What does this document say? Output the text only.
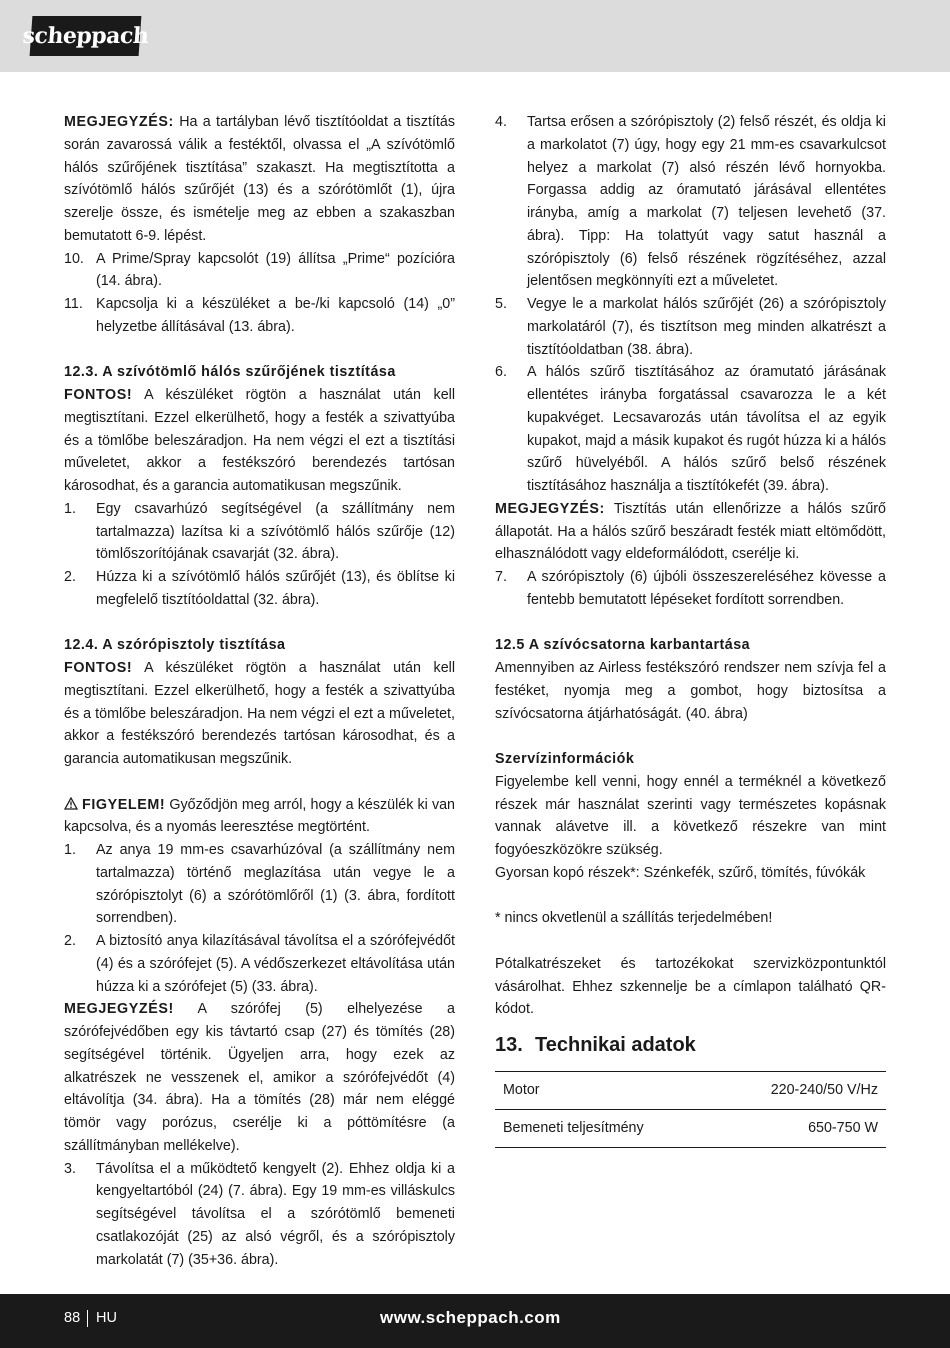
scheppach

MEGJEGYZÉS: Ha a tartályban lévő tisztítóoldat a tisztítás során zavarossá válik a festéktől, olvassa el „A szívótömlő hálós szűrőjének tisztítása” szakaszt. Ha megtisztította a szívótömlő hálós szűrőjét (13) és a szórótömlőt (1), újra szerelje össze, és ismételje meg az ebben a szakaszban bemutatott 6-9. lépést.

10. A Prime/Spray kapcsolót (19) állítsa „Prime“ pozícióra (14. ábra).
11. Kapcsolja ki a készüléket a be-/ki kapcsoló (14) „0” helyzetbe állításával (13. ábra).

12.3. A szívótömlő hálós szűrőjének tisztítása

FONTOS! A készüléket rögtön a használat után kell megtisztítani. Ezzel elkerülhető, hogy a festék a szivattyúba és a tömlőbe beleszáradjon. Ha nem végzi el ezt a tisztítási műveletet, akkor a festékszóró berendezés tartósan károsodhat, és a garancia automatikusan megszűnik.

1.	Egy csavarhúzó segítségével (a szállítmány nem tartalmazza) lazítsa ki a szívótömlő hálós szűrője (12) tömlőszorítójának csavarját (32. ábra).
2.	Húzza ki a szívótömlő hálós szűrőjét (13), és öblítse ki megfelelő tisztítóoldattal (32. ábra).

12.4. A szórópisztoly tisztítása

FONTOS! A készüléket rögtön a használat után kell megtisztítani. Ezzel elkerülhető, hogy a festék a szivattyúba és a tömlőbe beleszáradjon. Ha nem végzi el ezt a műveletet, akkor a festékszóró berendezés tartósan károsodhat, és a garancia automatikusan megszűnik.

FIGYELEM! Győződjön meg arról, hogy a készülék ki van kapcsolva, és a nyomás leeresztése megtörtént.

1.	Az anya 19 mm-es csavarhúzóval (a szállítmány nem tartalmazza) történő meglazítása után vegye le a szórópisztolyt (6) a szórótömlőről (1) (3. ábra, fordított sorrendben).
2.	A biztosító anya kilazításával távolítsa el a szórófejvédőt (4) és a szórófejet (5). A védőszerkezet eltávolítása után húzza ki a szórófejet (5) (33. ábra).

MEGJEGYZÉS! A szórófej (5) elhelyezése a szórófejvédőben egy kis távtartó csap (27) és tömítés (28) segítségével történik. Ügyeljen arra, hogy ezek az alkatrészek ne vesszenek el, amikor a szórófejvédőt (4) eltávolítja (34. ábra). Ha a tömítés (28) már nem eléggé tömör vagy porózus, cserélje ki a póttömítésre (a szállítmányban mellékelve).

3.	Távolítsa el a működtető kengyelt (2). Ehhez oldja ki a kengyeltartóból (24) (7. ábra). Egy 19 mm-es villáskulcs segítségével távolítsa el a szórótömlő bemeneti csatlakozóját (25) az alsó végről, és a szórópisztoly markolatát (7) (35+36. ábra).
4.	Tartsa erősen a szórópisztoly (2) felső részét, és oldja ki a markolatot (7) úgy, hogy egy 21 mm-es csavarkulcsot helyez a markolat (7) alsó részén lévő hornyokba. Forgassa addig az óramutató járásával ellentétes irányba, amíg a markolat (7) teljesen levehető (37. ábra). Tipp: Ha tolattyút vagy satut használ a szórópisztoly (6) felső részének rögzítéséhez, azzal jelentősen megkönnyíti ezt a műveletet.
5.	Vegye le a markolat hálós szűrőjét (26) a szórópisztoly markolatáról (7), és tisztítson meg minden alkatrészt a tisztítóoldatban (38. ábra).
6.	A hálós szűrő tisztításához az óramutató járásának ellentétes irányba forgatással csavarozza le a két kupakvéget. Lecsavarozás után távolítsa el az egyik kupakot, majd a másik kupakot és rugót húzza ki a hálós szűrő hüvelyéből. A hálós szűrő belső részének tisztításához használja a tisztítókefét (39. ábra).

MEGJEGYZÉS: Tisztítás után ellenőrizze a hálós szűrő állapotát. Ha a hálós szűrő beszáradt festék miatt eltömődött, elhasználódott vagy eldeformálódott, cserélje ki.

7.	A szórópisztoly (6) újbóli összeszereléséhez kövesse a fentebb bemutatott lépéseket fordított sorrendben.

12.5 A szívócsatorna karbantartása

Amennyiben az Airless festékszóró rendszer nem szívja fel a festéket, nyomja meg a gombot, hogy biztosítsa a szívócsatorna átjárhatóságát. (40. ábra)

Szervízinformációk

Figyelembe kell venni, hogy ennél a terméknél a következő részek már használat szerinti vagy természetes kopásnak vannak alávetve ill. a következő részekre van mint fogyóeszközökre szükség.

Gyorsan kopó részek*: Szénkefék, szűrő, tömítés, fúvókák

* nincs okvetlenül a szállítás terjedelmében!

Pótalkatrészeket és tartozékokat szervizközpontunktól vásárolhat. Ehhez szkennelje be a címlapon található QR-kódot.

13. Technikai adatok
Motor	220-240/50 V/Hz
Bemeneti teljesítmény	650-750 W
88 HU	www.scheppach.com
